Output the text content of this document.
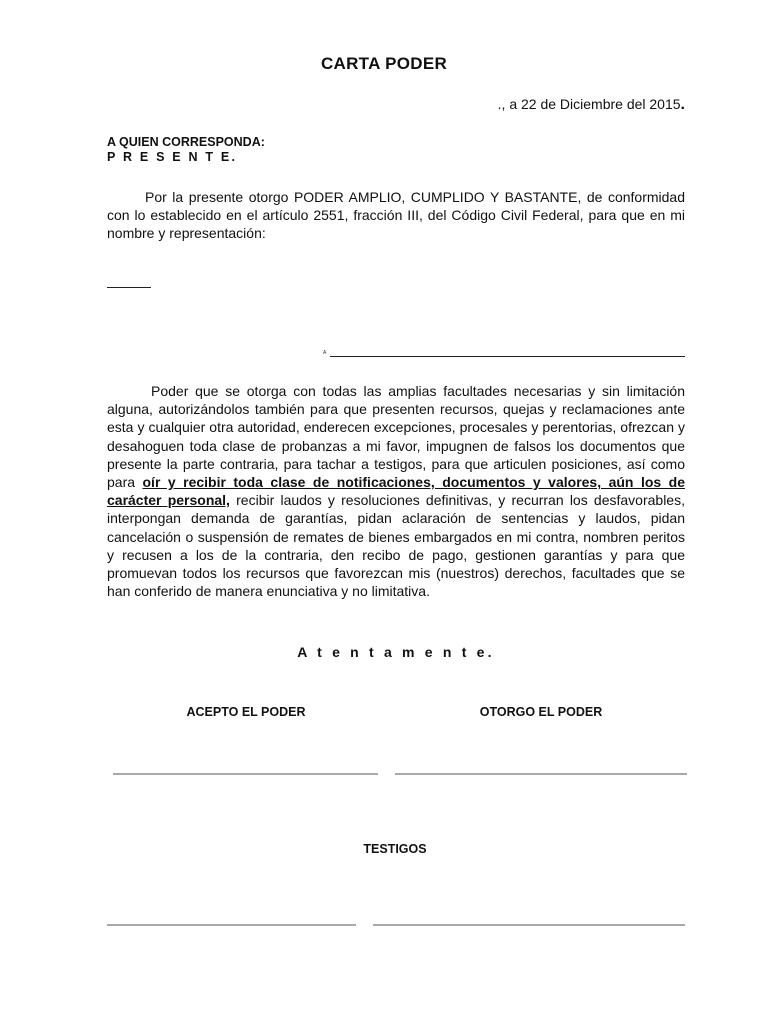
CARTA PODER
., a 22 de Diciembre del 2015.
A QUIEN CORRESPONDA:
P R E S E N T E.
Por la presente otorgo PODER AMPLIO, CUMPLIDO Y BASTANTE, de conformidad con lo establecido en el artículo 2551, fracción III, del Código Civil Federal, para que en mi nombre y representación:
A
Poder que se otorga con todas las amplias facultades necesarias y sin limitación alguna, autorizándolos también para que presenten recursos, quejas y reclamaciones ante esta y cualquier otra autoridad, enderecen excepciones, procesales y perentorias, ofrezcan y desahoguen toda clase de probanzas a mi favor, impugnen de falsos los documentos que presente la parte contraria, para tachar a testigos, para que articulen posiciones, así como para oír y recibir toda clase de notificaciones, documentos y valores, aún los de carácter personal, recibir laudos y resoluciones definitivas, y recurran los desfavorables, interpongan demanda de garantías, pidan aclaración de sentencias y laudos, pidan cancelación o suspensión de remates de bienes embargados en mi contra, nombren peritos y recusen a los de la contraria, den recibo de pago, gestionen garantías y para que promuevan todos los recursos que favorezcan mis (nuestros) derechos, facultades que se han conferido de manera enunciativa y no limitativa.
A t e n t a m e n t e.
ACEPTO EL PODER	OTORGO EL PODER
TESTIGOS
